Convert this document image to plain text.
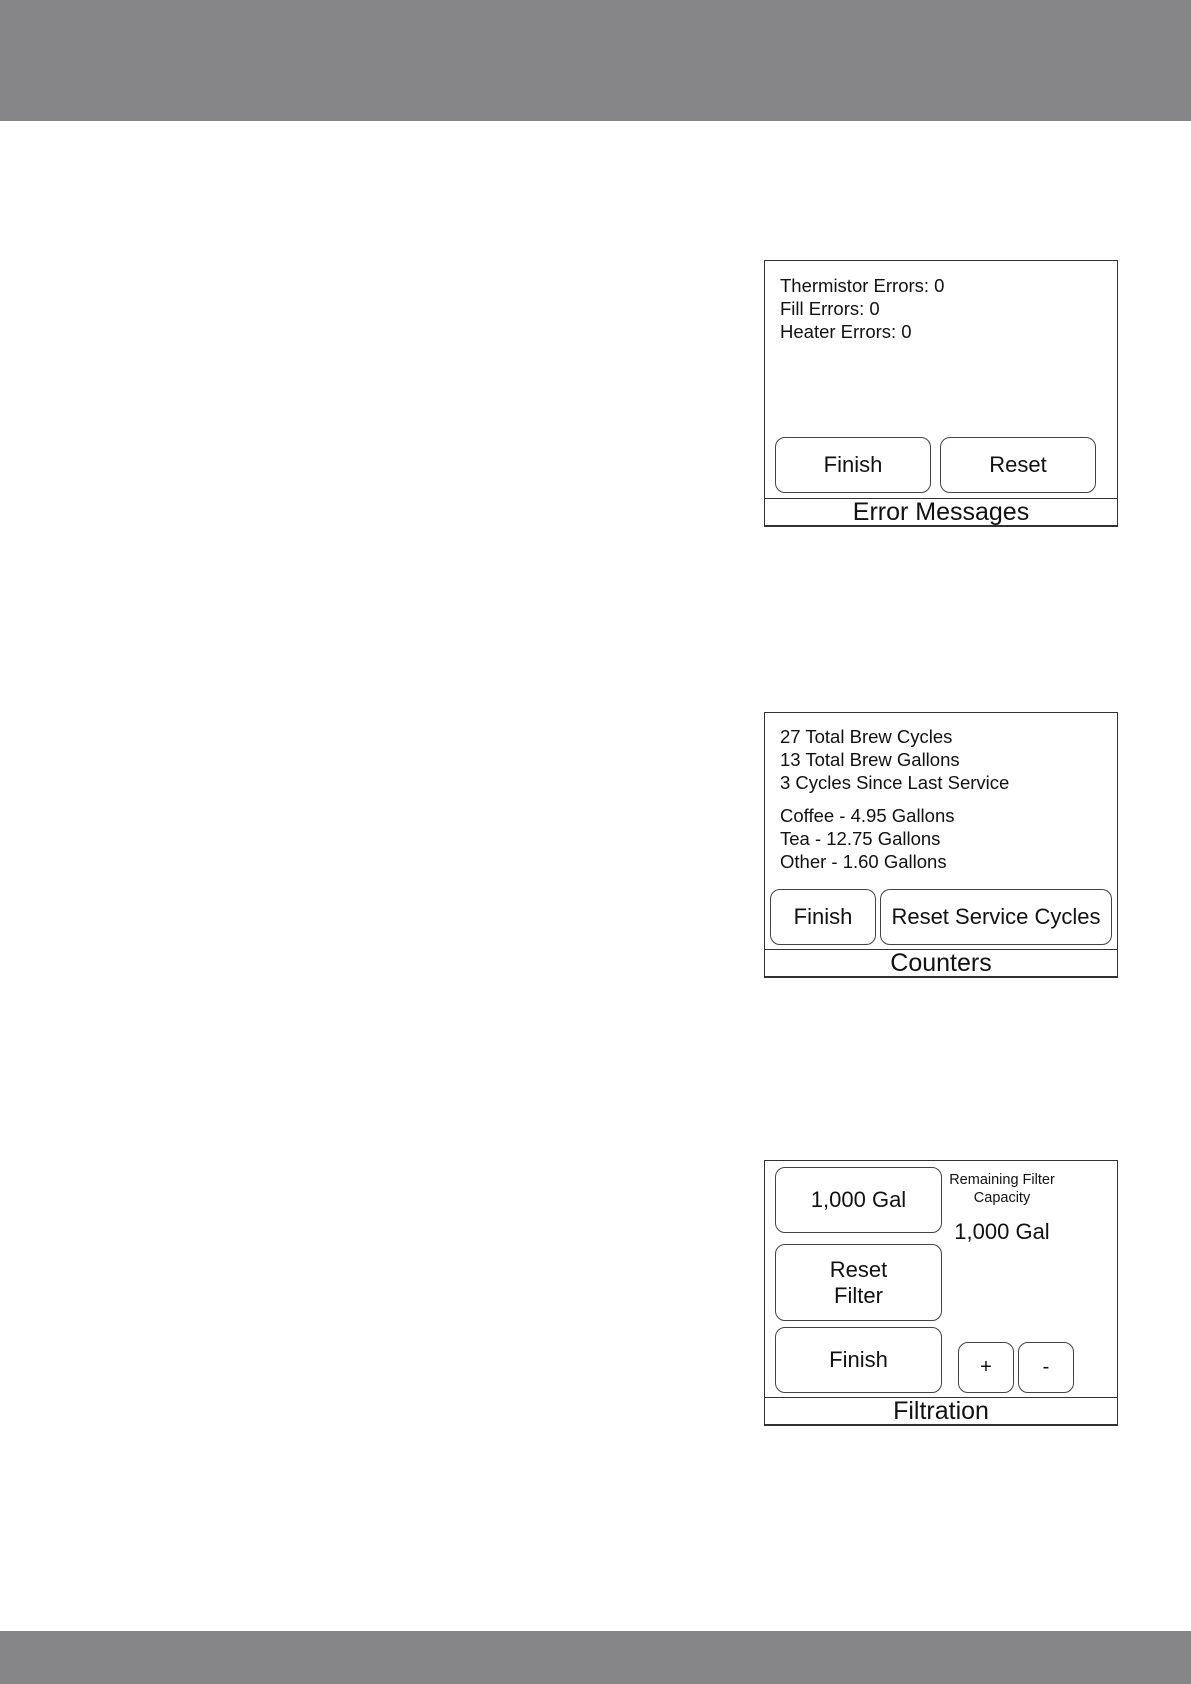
Thermistor Errors: 0
Fill Errors: 0
Heater Errors: 0
Finish	Reset
Error Messages
27 Total Brew Cycles
13 Total Brew Gallons
3 Cycles Since Last Service
Coffee - 4.95 Gallons
Tea - 12.75 Gallons
Other - 1.60 Gallons
Finish Reset Service Cycles
Counters
1,000 Gal
Reset
Filter
Finish
Remaining Filter
Capacity
1,000 Gal
+	-
Filtration
